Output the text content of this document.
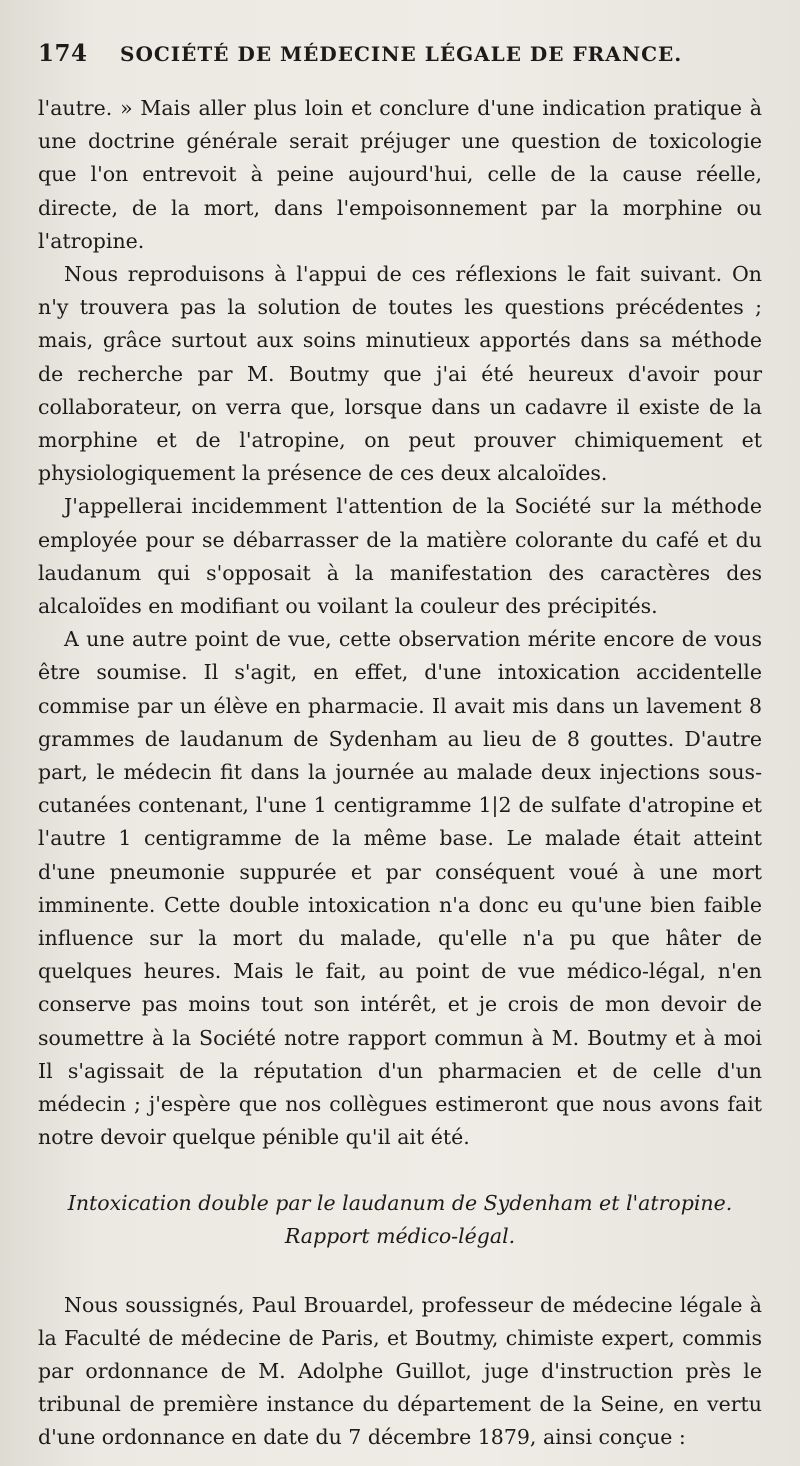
174	SOCIÉTÉ DE MÉDECINE LÉGALE DE FRANCE.

l'autre. » Mais aller plus loin et conclure d'une indication pratique à une doctrine générale serait préjuger une question de toxicologie que l'on entrevoit à peine aujourd'hui, celle de la cause réelle, directe, de la mort, dans l'empoisonnement par la morphine ou l'atropine.

Nous reproduisons à l'appui de ces réflexions le fait suivant. On n'y trouvera pas la solution de toutes les questions précédentes ; mais, grâce surtout aux soins minutieux apportés dans sa méthode de recherche par M. Boutmy que j'ai été heureux d'avoir pour collaborateur, on verra que, lorsque dans un cadavre il existe de la morphine et de l'atropine, on peut prouver chimiquement et physiologiquement la présence de ces deux alcaloïdes.

J'appellerai incidemment l'attention de la Société sur la méthode employée pour se débarrasser de la matière colorante du café et du laudanum qui s'opposait à la manifestation des caractères des alcaloïdes en modifiant ou voilant la couleur des précipités.

A une autre point de vue, cette observation mérite encore de vous être soumise. Il s'agit, en effet, d'une intoxication accidentelle commise par un élève en pharmacie. Il avait mis dans un lavement 8 grammes de laudanum de Sydenham au lieu de 8 gouttes. D'autre part, le médecin fit dans la journée au malade deux injections sous-cutanées contenant, l'une 1 centigramme 1|2 de sulfate d'atropine et l'autre 1 centigramme de la même base. Le malade était atteint d'une pneumonie suppurée et par conséquent voué à une mort imminente. Cette double intoxication n'a donc eu qu'une bien faible influence sur la mort du malade, qu'elle n'a pu que hâter de quelques heures. Mais le fait, au point de vue médico-légal, n'en conserve pas moins tout son intérêt, et je crois de mon devoir de soumettre à la Société notre rapport commun à M. Boutmy et à moi Il s'agissait de la réputation d'un pharmacien et de celle d'un médecin ; j'espère que nos collègues estimeront que nous avons fait notre devoir quelque pénible qu'il ait été.

Intoxication double par le laudanum de Sydenham et l'atropine.
Rapport médico-légal.

Nous soussignés, Paul Brouardel, professeur de médecine légale à la Faculté de médecine de Paris, et Boutmy, chimiste expert, commis par ordonnance de M. Adolphe Guillot, juge d'instruction près le tribunal de première instance du département de la Seine, en vertu d'une ordonnance en date du 7 décembre 1879, ainsi conçue :
